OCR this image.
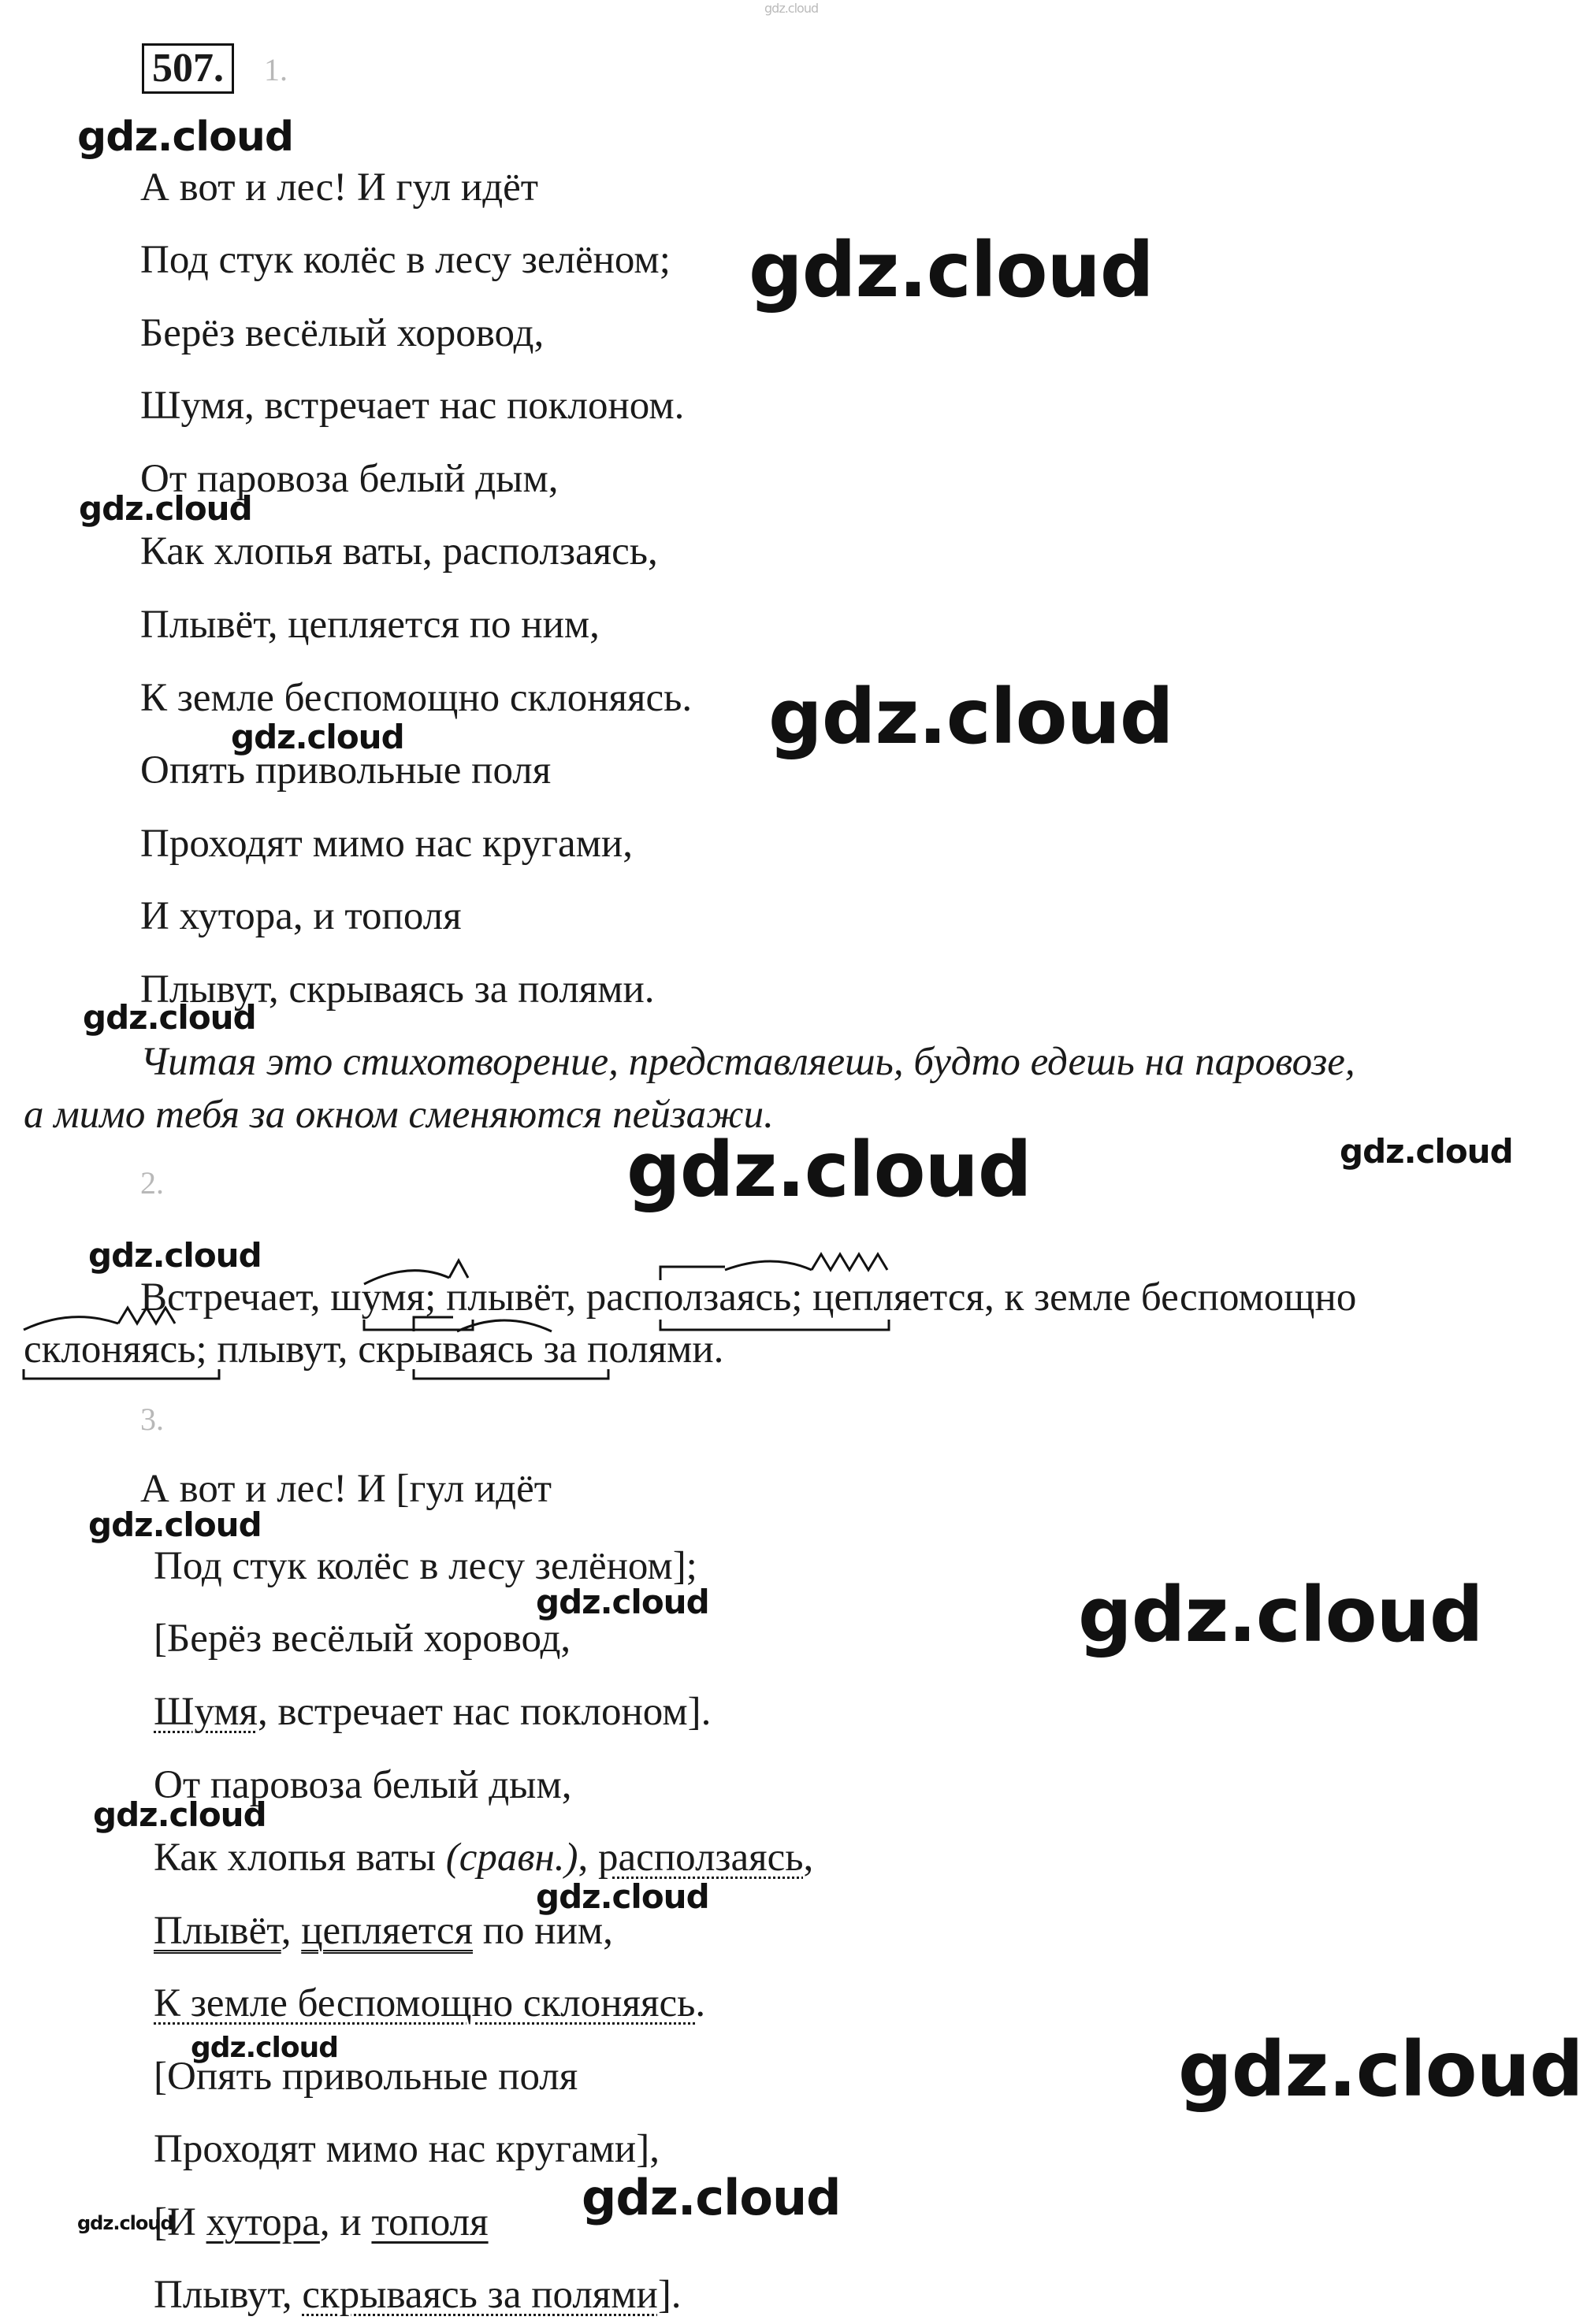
gdz.cloud
507.	1.
А вот и лес! И гул идёт
Под стук колёс в лесу зелёном;
Берёз весёлый хоровод,
Шумя, встречает нас поклоном.
От паровоза белый дым,
Как хлопья ваты, расползаясь,
Плывёт, цепляется по ним,
К земле беспомощно склоняясь.
Опять привольные поля
Проходят мимо нас кругами,
И хутора, и тополя
Плывут, скрываясь за полями.
Читая это стихотворение, представляешь, будто едешь на паровозе,
а мимо тебя за окном сменяются пейзажи.
2.
Встречает, шумя; плывёт, расползаясь; цепляется, к земле беспомощно
склоняясь; плывут, скрываясь за полями.
3.
А вот и лес! И [гул идёт
Под стук колёс в лесу зелёном];
[Берёз весёлый хоровод,
Шумя, встречает нас поклоном].
От паровоза белый дым,
Как хлопья ваты (сравн.), расползаясь,
Плывёт, цепляется по ним,
К земле беспомощно склоняясь.
[Опять привольные поля
Проходят мимо нас кругами],
[И хутора, и тополя
Плывут, скрываясь за полями].
gdz.cloud
gdz.cloud
gdz.cloud
gdz.cloud
gdz.cloud
gdz.cloud
gdz.cloud	gdz.cloud
gdz.cloud
gdz.cloud
gdz.cloud	gdz.cloud
gdz.cloud
gdz.cloud
gdz.cloud	gdz.cloud
gdz.cloud	gdz.cloud
